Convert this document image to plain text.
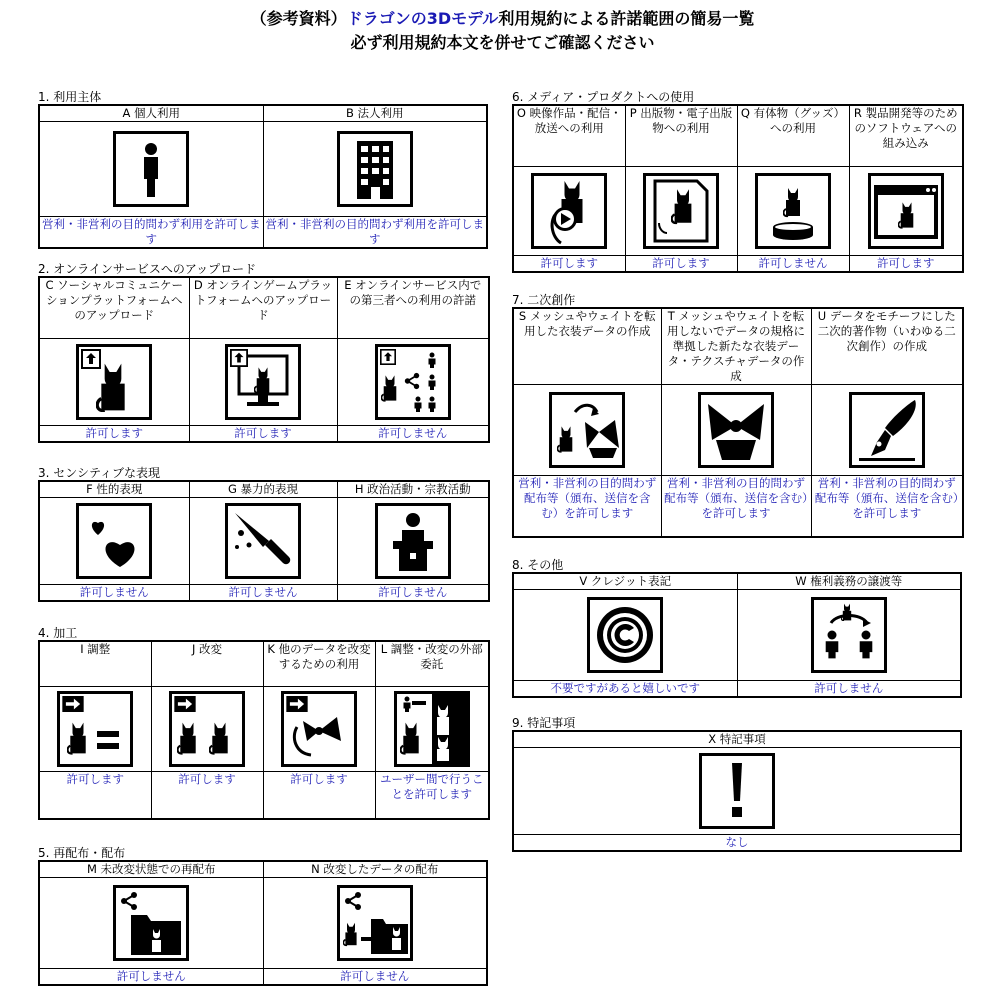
（参考資料）ドラゴンの3Dモデル利用規約による許諾範囲の簡易一覧
必ず利用規約本文を併せてご確認ください
1. 利用主体
A 個人利用	B 法人利用

営利・非営利の目的問わず利用を許可します	営利・非営利の目的問わず利用を許可します
2. オンラインサービスへのアップロード
C ソーシャルコミュニケーションプラットフォームへのアップロード	D オンラインゲームプラットフォームへのアップロード	E オンラインサービス内での第三者への利用の許諾

許可します	許可します	許可しません
3. センシティブな表現
F 性的表現	G 暴力的表現	H 政治活動・宗教活動

許可しません	許可しません	許可しません
4. 加工
I 調整	J 改変	K 他のデータを改変するための利用	L 調整・改変の外部委託

許可します	許可します	許可します	ユーザー間で行うことを許可します
5. 再配布・配布
M 未改変状態での再配布	N 改変したデータの配布

許可しません	許可しません
6. メディア・プロダクトへの使用
O 映像作品・配信・放送への利用	P 出版物・電子出版物への利用	Q 有体物（グッズ）への利用	R 製品開発等のためのソフトウェアへの組み込み

許可します	許可します	許可しません	許可します
7. 二次創作
S メッシュやウェイトを転用した衣装データの作成	T メッシュやウェイトを転用しないでデータの規格に準拠した新たな衣装データ・テクスチャデータの作成	U データをモチーフにした二次的著作物（いわゆる二次創作）の作成

営利・非営利の目的問わず配布等（頒布、送信を含む）を許可します	営利・非営利の目的問わず配布等（頒布、送信を含む）を許可します	営利・非営利の目的問わず配布等（頒布、送信を含む）を許可します
8. その他
V クレジット表記	W 権利義務の譲渡等

不要ですがあると嬉しいです	許可しません
9. 特記事項
X 特記事項

なし
